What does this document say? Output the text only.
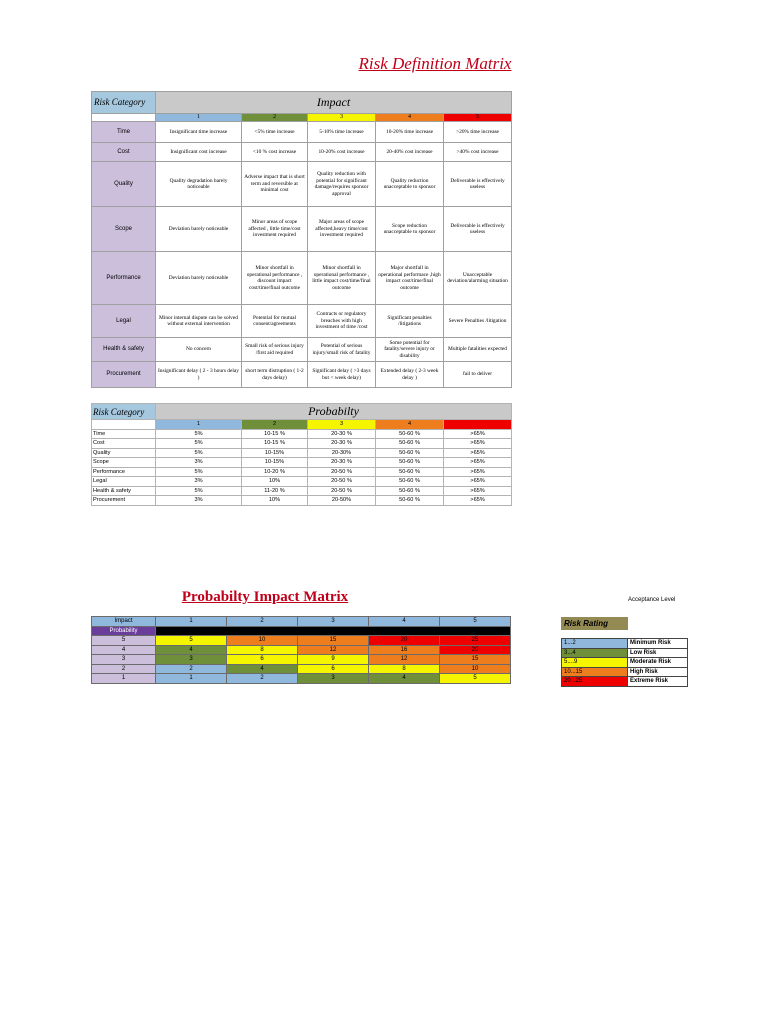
Risk Definition Matrix
Risk Category	Impact				
	1	2	3	4	5
Time	Insignificant time increase	<5% time increase	5-10% time increase	10-20% time increase	>20% time increase
Cost	Insignificant cost increase	<10 % cost increase	10-20% cost increase	20-40% cost increase	>40% cost increase
Quality	Quality degradation barely noticeable	Adverse impact that is short term and reversible at minimal cost	Quality reduction with potential for significant damage/requires sponsor approval	Quality reduction unacceptable to sponsor	Deliverable is effectively useless
Scope	Deviation barely noticeable	Minor areas of scope affected , little time/cost investment required	Major areas of scope affected,heavy time/cost investment required	Scope reduction unacceptable to sponsor	Deliverable is effectively useless
Performance	Deviation barely noticeable	Minor shortfall in operational performance , discount impact cost/time/final outcome	Minor shortfall in operational performance , little impact cost/time/final outcome	Major shortfall in operational performace ,high impact cost/time/final outcome	Unacceptable deviation/alarming situation
Legal	Minor internal dispute can be solved without external intervention	Potential for mutual consent/agreements	Contracts or regulatory breaches with high investment of time /cost	Significant penalties /litigations	Severe Penalties /litigation
Health & safety	No concern	Small risk of serious injury /first aid required	Potential of serious injury/small risk of fatality	Some potential for fatality/severe injury or disability	Multiple fatalities expected
Procurement	Insignificant delay ( 2 - 3 hours delay )	short term distruption ( 1-2 days delay)	Significant delay ( >3 days but < week delay)	Extended delay ( 2-3 week delay )	fail to deliver
Risk Category	Probabilty				
	1	2	3	4	
Time	5%	10-15 %	20-30 %	50-60 %	>65%
Cost	5%	10-15 %	20-30 %	50-60 %	>65%
Quality	5%	10-15%	20-30%	50-60 %	>65%
Scope	3%	10-15%	20-30 %	50-60 %	>65%
Performance	5%	10-20 %	20-50 %	50-60 %	>65%
Legal	3%	10%	20-50 %	50-60 %	>65%
Health & safety	5%	11-20 %	20-50 %	50-60 %	>65%
Procurement	3%	10%	20-50%	50-60 %	>65%
Probabilty Impact Matrix
Impact	1	2	3	4	5
Probability					
5	5	10	15	20	25
4	4	8	12	16	20
3	3	6	9	12	15
2	2	4	6	8	10
1	1	2	3	4	5
Acceptance Level
Risk Rating
1...2	Minimum Risk
3...4	Low Risk
5....9	Moderate Risk
10...15	High Risk
20...25	Extreme Risk
